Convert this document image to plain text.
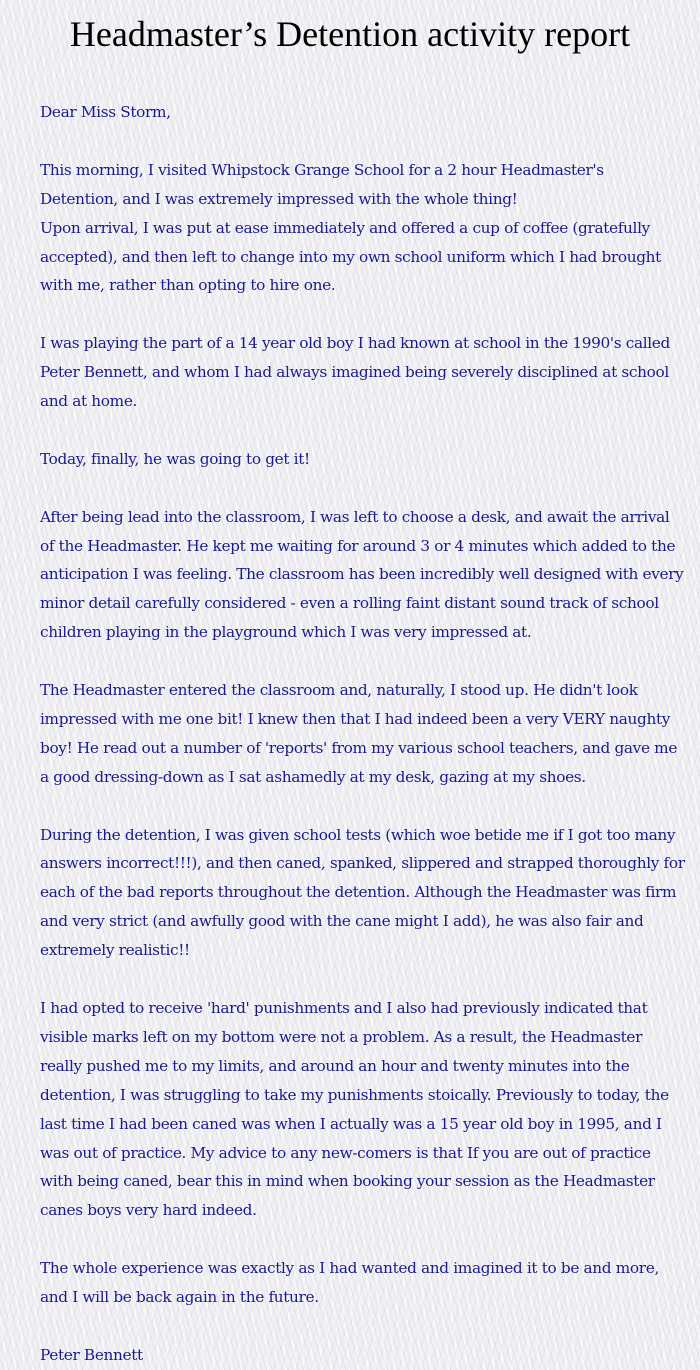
Headmaster’s Detention activity report

Dear Miss Storm,

This morning, I visited Whipstock Grange School for a 2 hour Headmaster's Detention, and I was extremely impressed with the whole thing!

Upon arrival, I was put at ease immediately and offered a cup of coffee (gratefully accepted), and then left to change into my own school uniform which I had brought with me, rather than opting to hire one.

I was playing the part of a 14 year old boy I had known at school in the 1990's called Peter Bennett, and whom I had always imagined being severely disciplined at school and at home.

Today, finally, he was going to get it!

After being lead into the classroom, I was left to choose a desk, and await the arrival of the Headmaster. He kept me waiting for around 3 or 4 minutes which added to the anticipation I was feeling. The classroom has been incredibly well designed with every minor detail carefully considered - even a rolling faint distant sound track of school children playing in the playground which I was very impressed at.

The Headmaster entered the classroom and, naturally, I stood up. He didn't look impressed with me one bit! I knew then that I had indeed been a very VERY naughty boy! He read out a number of 'reports' from my various school teachers, and gave me a good dressing-down as I sat ashamedly at my desk, gazing at my shoes.

During the detention, I was given school tests (which woe betide me if I got too many answers incorrect!!!), and then caned, spanked, slippered and strapped thoroughly for each of the bad reports throughout the detention. Although the Headmaster was firm and very strict (and awfully good with the cane might I add), he was also fair and extremely realistic!!

I had opted to receive 'hard' punishments and I also had previously indicated that visible marks left on my bottom were not a problem. As a result, the Headmaster really pushed me to my limits, and around an hour and twenty minutes into the detention, I was struggling to take my punishments stoically. Previously to today, the last time I had been caned was when I actually was a 15 year old boy in 1995, and I was out of practice. My advice to any new-comers is that If you are out of practice with being caned, bear this in mind when booking your session as the Headmaster canes boys very hard indeed.

The whole experience was exactly as I had wanted and imagined it to be and more, and I will be back again in the future.

Peter Bennett
